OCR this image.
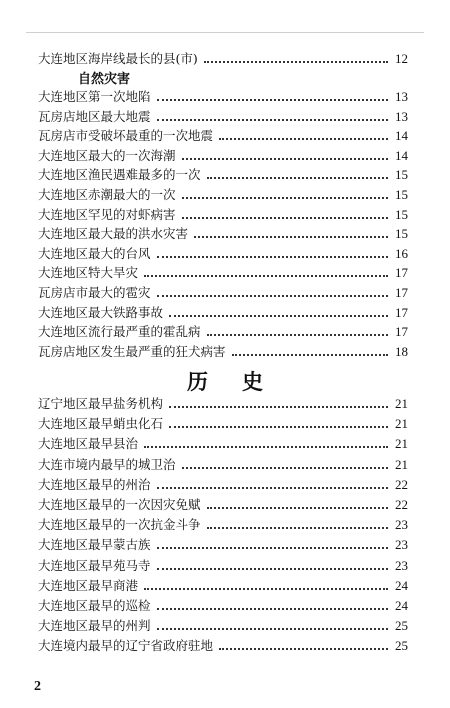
大连地区海岸线最长的县(市)	12
自然灾害
大连地区第一次地陷	13
瓦房店地区最大地震	13
瓦房店市受破坏最重的一次地震	14
大连地区最大的一次海潮	14
大连地区渔民遇难最多的一次	15
大连地区赤潮最大的一次	15
大连地区罕见的对虾病害	15
大连地区最大最的洪水灾害	15
大连地区最大的台风	16
大连地区特大旱灾	17
瓦房店市最大的雹灾	17
大连地区最大铁路事故	17
大连地区流行最严重的霍乱病	17
瓦房店地区发生最严重的狂犬病害	18
历史
辽宁地区最早盐务机构	21
大连地区最早蛸虫化石	21
大连地区最早县治	21
大连市境内最早的城卫治	21
大连地区最早的州治	22
大连地区最早的一次因灾免赋	22
大连地区最早的一次抗金斗争	23
大连地区最早蒙古族	23
大连地区最早苑马寺	23
大连地区最早商港	24
大连地区最早的巡检	24
大连地区最早的州判	25
大连境内最早的辽宁省政府驻地	25
2
